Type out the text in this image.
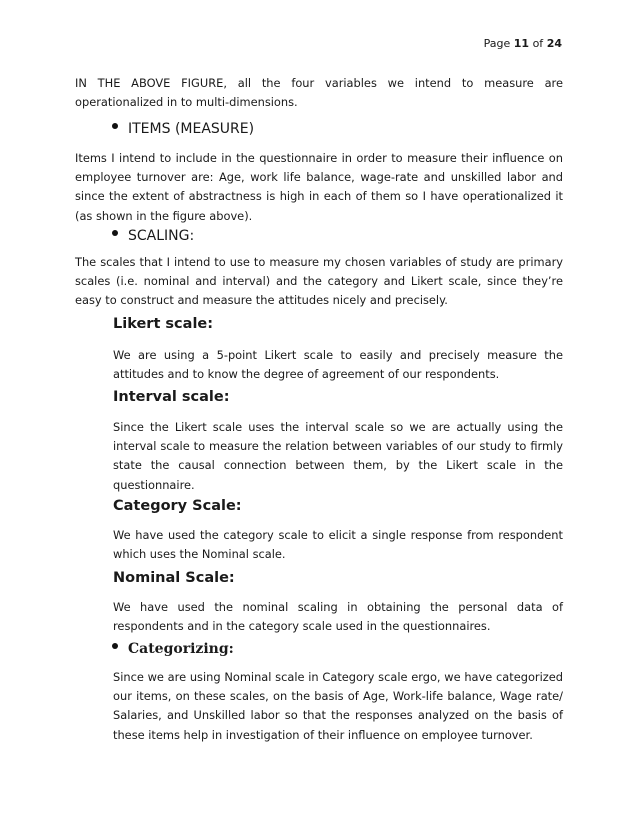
Page 11 of 24

IN THE ABOVE FIGURE, all the four variables we intend to measure are operationalized in to multi-dimensions.

ITEMS (MEASURE)

Items I intend to include in the questionnaire in order to measure their influence on employee turnover are: Age, work life balance, wage-rate and unskilled labor and since the extent of abstractness is high in each of them so I have operationalized it (as shown in the figure above).

SCALING:

The scales that I intend to use to measure my chosen variables of study are primary scales (i.e. nominal and interval) and the category and Likert scale, since they’re easy to construct and measure the attitudes nicely and precisely.

Likert scale:

We are using a 5-point Likert scale to easily and precisely measure the attitudes and to know the degree of agreement of our respondents.

Interval scale:

Since the Likert scale uses the interval scale so we are actually using the interval scale to measure the relation between variables of our study to firmly state the causal connection between them, by the Likert scale in the questionnaire.

Category Scale:

We have used the category scale to elicit a single response from respondent which uses the Nominal scale.

Nominal Scale:

We have used the nominal scaling in obtaining the personal data of respondents and in the category scale used in the questionnaires.

Categorizing:

Since we are using Nominal scale in Category scale ergo, we have categorized our items, on these scales, on the basis of Age, Work-life balance, Wage rate/ Salaries, and Unskilled labor so that the responses analyzed on the basis of these items help in investigation of their influence on employee turnover.
